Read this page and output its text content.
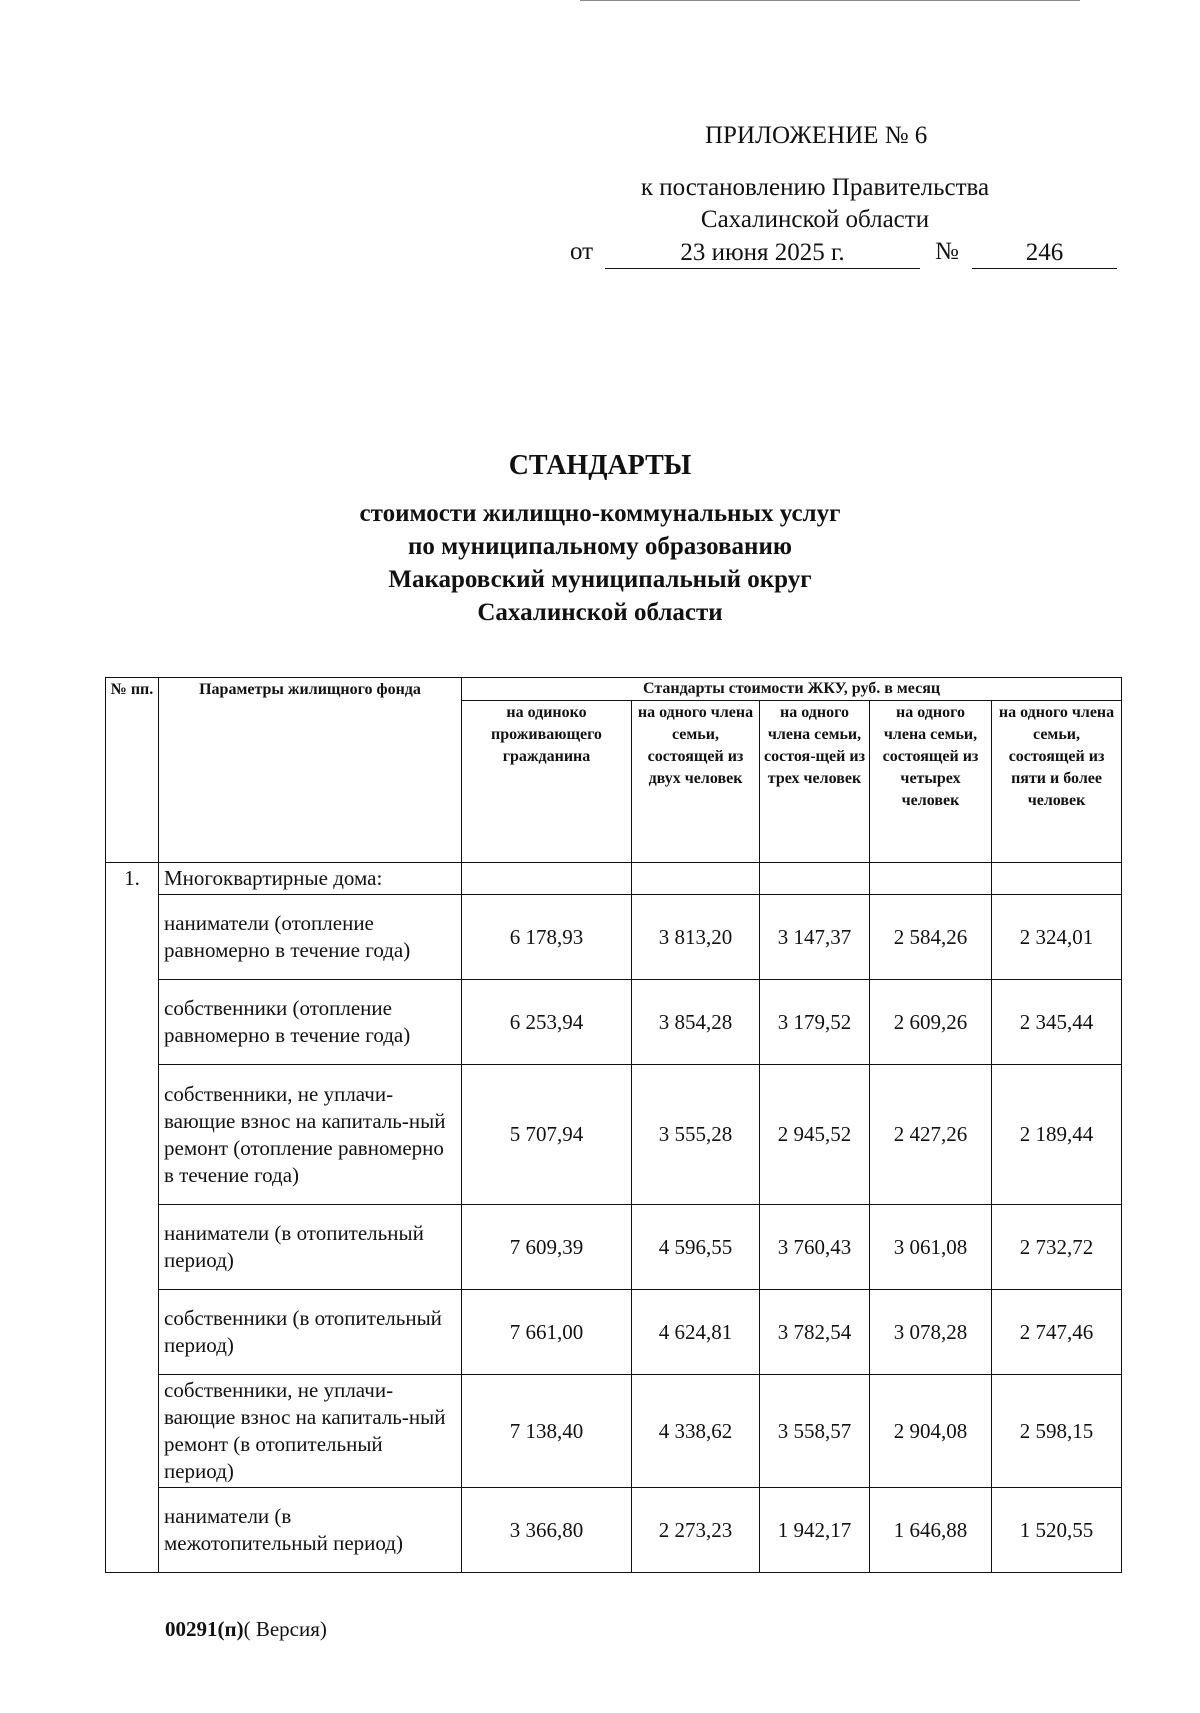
ПРИЛОЖЕНИЕ № 6
к постановлению Правительства
Сахалинской области
от	23 июня 2025 г.	№	246
СТАНДАРТЫ
стоимости жилищно-коммунальных услуг
по муниципальному образованию
Макаровский муниципальный округ
Сахалинской области
№ пп.	Параметры жилищного фонда	Стандарты стоимости ЖКУ, руб. в месяц				
		на одиноко проживающего гражданина	на одного члена семьи, состоящей из двух человек	на одного члена семьи, состоя-щей из трех человек	на одного члена семьи, состоящей из четырех человек	на одного члена семьи, состоящей из пяти и более человек
1.	Многоквартирные дома:					
	наниматели (отопление равномерно в течение года)	6 178,93	3 813,20	3 147,37	2 584,26	2 324,01
	собственники (отопление равномерно в течение года)	6 253,94	3 854,28	3 179,52	2 609,26	2 345,44
	собственники, не уплачи-вающие взнос на капиталь-ный ремонт (отопление равномерно в течение года)	5 707,94	3 555,28	2 945,52	2 427,26	2 189,44
	наниматели (в отопительный период)	7 609,39	4 596,55	3 760,43	3 061,08	2 732,72
	собственники (в отопительный период)	7 661,00	4 624,81	3 782,54	3 078,28	2 747,46
	собственники, не уплачи-вающие взнос на капиталь-ный ремонт (в отопительный период)	7 138,40	4 338,62	3 558,57	2 904,08	2 598,15
	наниматели (в межотопительный период)	3 366,80	2 273,23	1 942,17	1 646,88	1 520,55
00291(п)( Версия)
